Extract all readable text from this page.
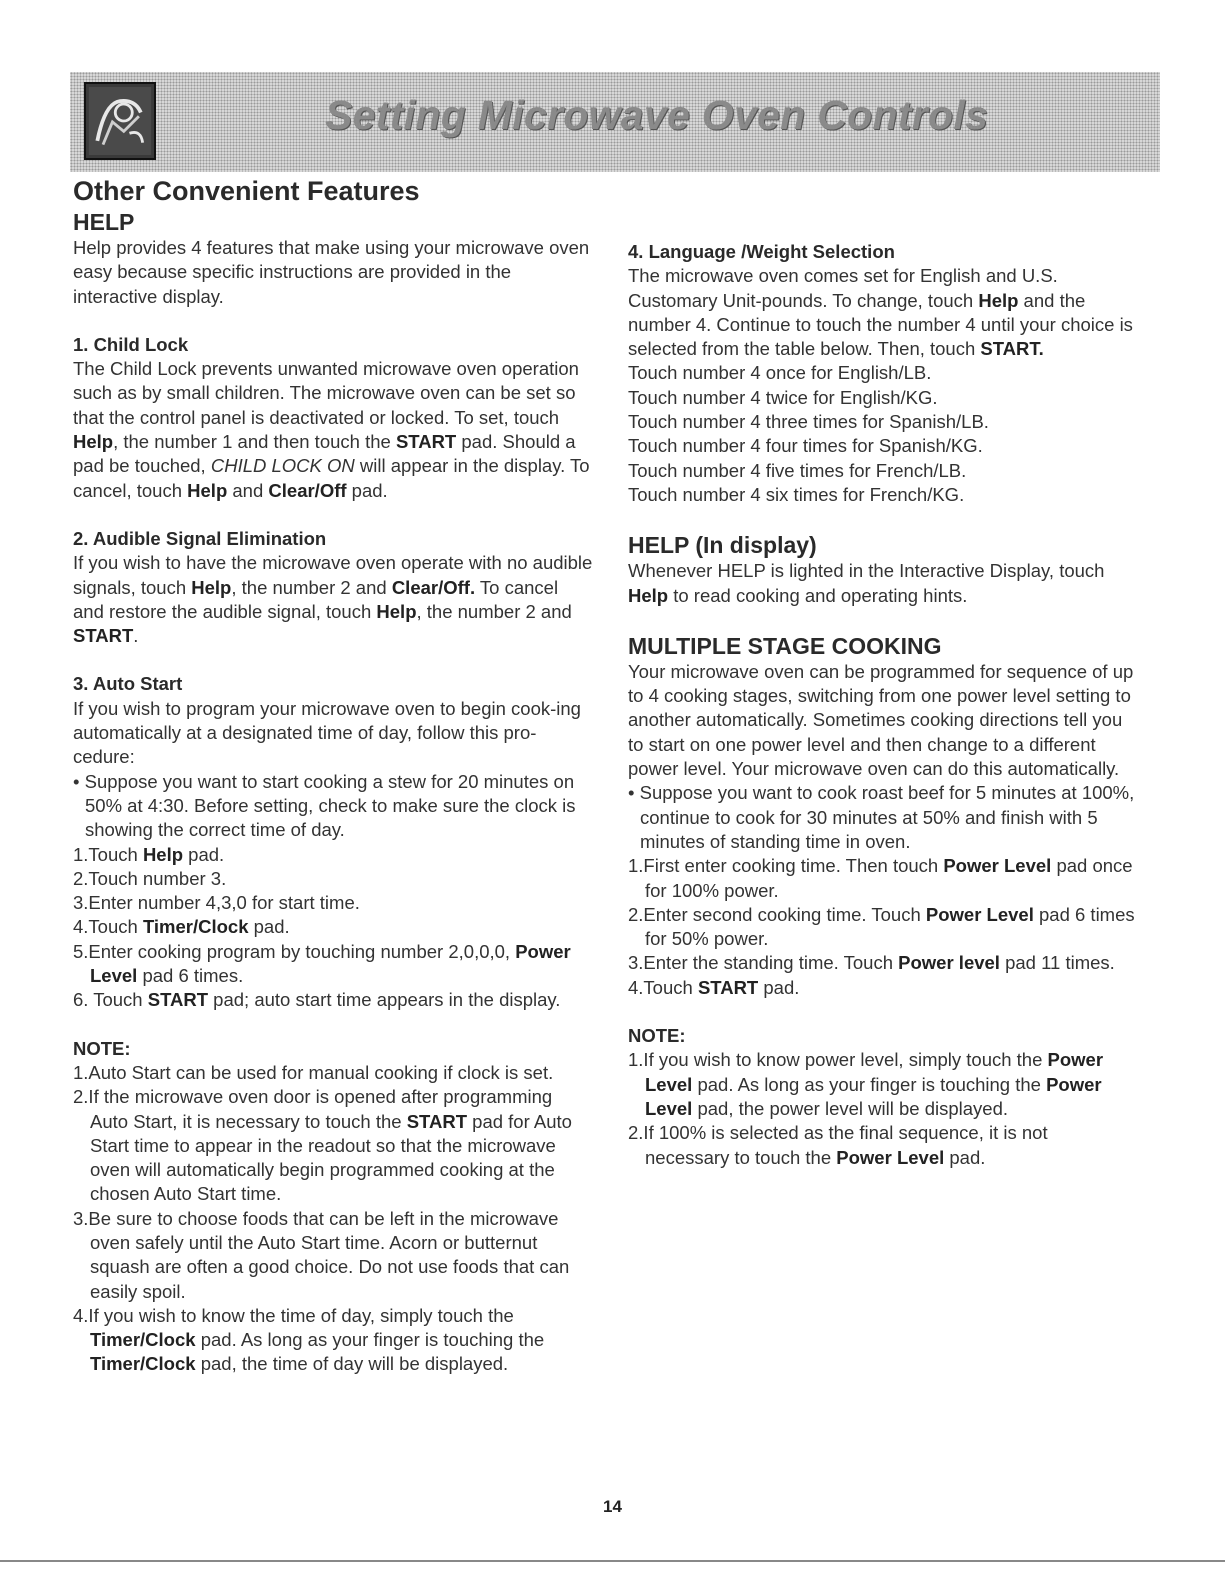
Setting Microwave Oven Controls
Other Convenient Features

HELP

Help provides 4 features that make using your microwave oven easy because specific instructions are provided in the interactive display.

1. Child Lock

The Child Lock prevents unwanted microwave oven operation such as by small children. The microwave oven can be set so that the control panel is deactivated or locked. To set, touch Help, the number 1 and then touch the START pad. Should a pad be touched, CHILD LOCK ON will appear in the display. To cancel, touch Help and Clear/Off pad.

2. Audible Signal Elimination

If you wish to have the microwave oven operate with no audible signals, touch Help, the number 2 and Clear/Off. To cancel and restore the audible signal, touch Help, the number 2 and START.

3. Auto Start

If you wish to program your microwave oven to begin cook-ing automatically at a designated time of day, follow this pro-cedure:

• Suppose you want to start cooking a stew for 20 minutes on 50% at 4:30. Before setting, check to make sure the clock is showing the correct time of day.

1.Touch Help pad.

2.Touch number 3.

3.Enter number 4,3,0 for start time.

4.Touch Timer/Clock pad.

5.Enter cooking program by touching number 2,0,0,0, Power Level pad 6 times.

6. Touch START pad; auto start time appears in the display.

NOTE:

1.Auto Start can be used for manual cooking if clock is set.

2.If the microwave oven door is opened after programming Auto Start, it is necessary to touch the START pad for Auto Start time to appear in the readout so that the microwave oven will automatically begin programmed cooking at the chosen Auto Start time.

3.Be sure to choose foods that can be left in the microwave oven safely until the Auto Start time. Acorn or butternut squash are often a good choice. Do not use foods that can easily spoil.

4.If you wish to know the time of day, simply touch the Timer/Clock pad. As long as your finger is touching the Timer/Clock pad, the time of day will be displayed.

4. Language /Weight Selection

The microwave oven comes set for English and U.S. Customary Unit-pounds. To change, touch Help and the number 4. Continue to touch the number 4 until your choice is selected from the table below. Then, touch START.

Touch number 4 once for English/LB.

Touch number 4 twice for English/KG.

Touch number 4 three times for Spanish/LB.

Touch number 4 four times for Spanish/KG.

Touch number 4 five times for French/LB.

Touch number 4 six times for French/KG.

HELP (In display)

Whenever HELP is lighted in the Interactive Display, touch Help to read cooking and operating hints.

MULTIPLE STAGE COOKING

Your microwave oven can be programmed for sequence of up to 4 cooking stages, switching from one power level setting to another automatically. Sometimes cooking directions tell you to start on one power level and then change to a different power level. Your microwave oven can do this automatically.

• Suppose you want to cook roast beef for 5 minutes at 100%, continue to cook for 30 minutes at 50% and finish with 5 minutes of standing time in oven.

1.First enter cooking time. Then touch Power Level pad once for 100% power.

2.Enter second cooking time. Touch Power Level pad 6 times for 50% power.

3.Enter the standing time. Touch Power level pad 11 times.

4.Touch START pad.

NOTE:

1.If you wish to know power level, simply touch the Power Level pad. As long as your finger is touching the Power Level pad, the power level will be displayed.

2.If 100% is selected as the final sequence, it is not necessary to touch the Power Level pad.

14
